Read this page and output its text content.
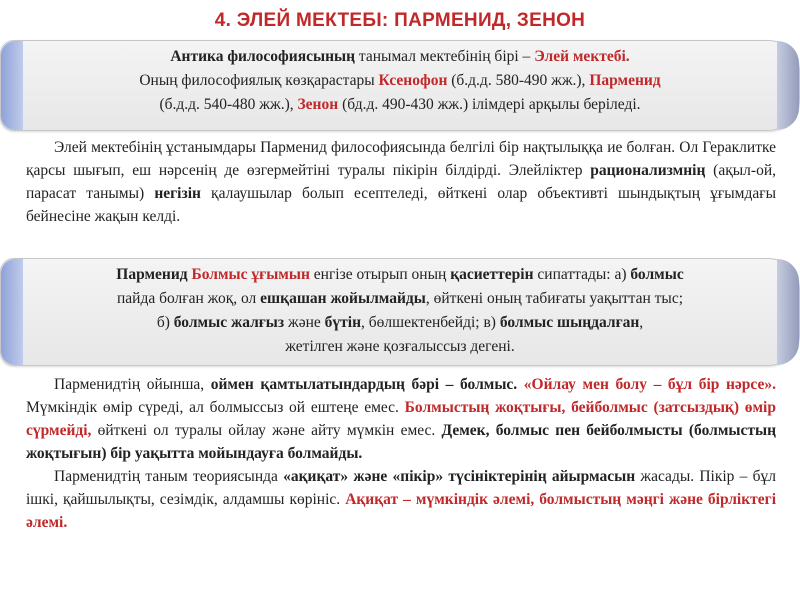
4. ЭЛЕЙ МЕКТЕБІ: ПАРМЕНИД, ЗЕНОН
Антика философиясының танымал мектебінің бірі – Элей мектебі.
Оның философиялық көзқарастары Ксенофон (б.д.д. 580-490 жж.), Парменид
(б.д.д. 540-480 жж.), Зенон (бд.д. 490-430 жж.) ілімдері арқылы беріледі.
Элей мектебінің ұстанымдары Парменид философиясында белгілі бір нақтылыққа ие болған. Ол Гераклитке қарсы шығып, еш нәрсенің де өзгермейтіні туралы пікірін білдірді. Элейліктер рационализмнің (ақыл-ой, парасат танымы) негізін қалаушылар болып есептеледі, өйткені олар объективті шындықтың ұғымдағы бейнесіне жақын келді.
Парменид Болмыс ұғымын енгізе отырып оның қасиеттерін сипаттады: а) болмыс
пайда болған жоқ, ол ешқашан жойылмайды, өйткені оның табиғаты уақыттан тыс;
б) болмыс жалғыз және бүтін, бөлшектенбейді; в) болмыс шыңдалған,
жетілген және қозғалыссыз дегені.
Парменидтің ойынша, оймен қамтылатындардың бәрі – болмыс. «Ойлау мен болу – бұл бір нәрсе». Мүмкіндік өмір сүреді, ал болмыссыз ой ештеңе емес. Болмыстың жоқтығы, бейболмыс (затсыздық) өмір сүрмейді, өйткені ол туралы ойлау және айту мүмкін емес. Демек, болмыс пен бейболмысты (болмыстың жоқтығын) бір уақытта мойындауға болмайды.
Парменидтің таным теориясында «ақиқат» және «пікір» түсініктерінің айырмасын жасады. Пікір – бұл ішкі, қайшылықты, сезімдік, алдамшы көрініс. Ақиқат – мүмкіндік әлемі, болмыстың мәңгі және бірліктегі әлемі.
